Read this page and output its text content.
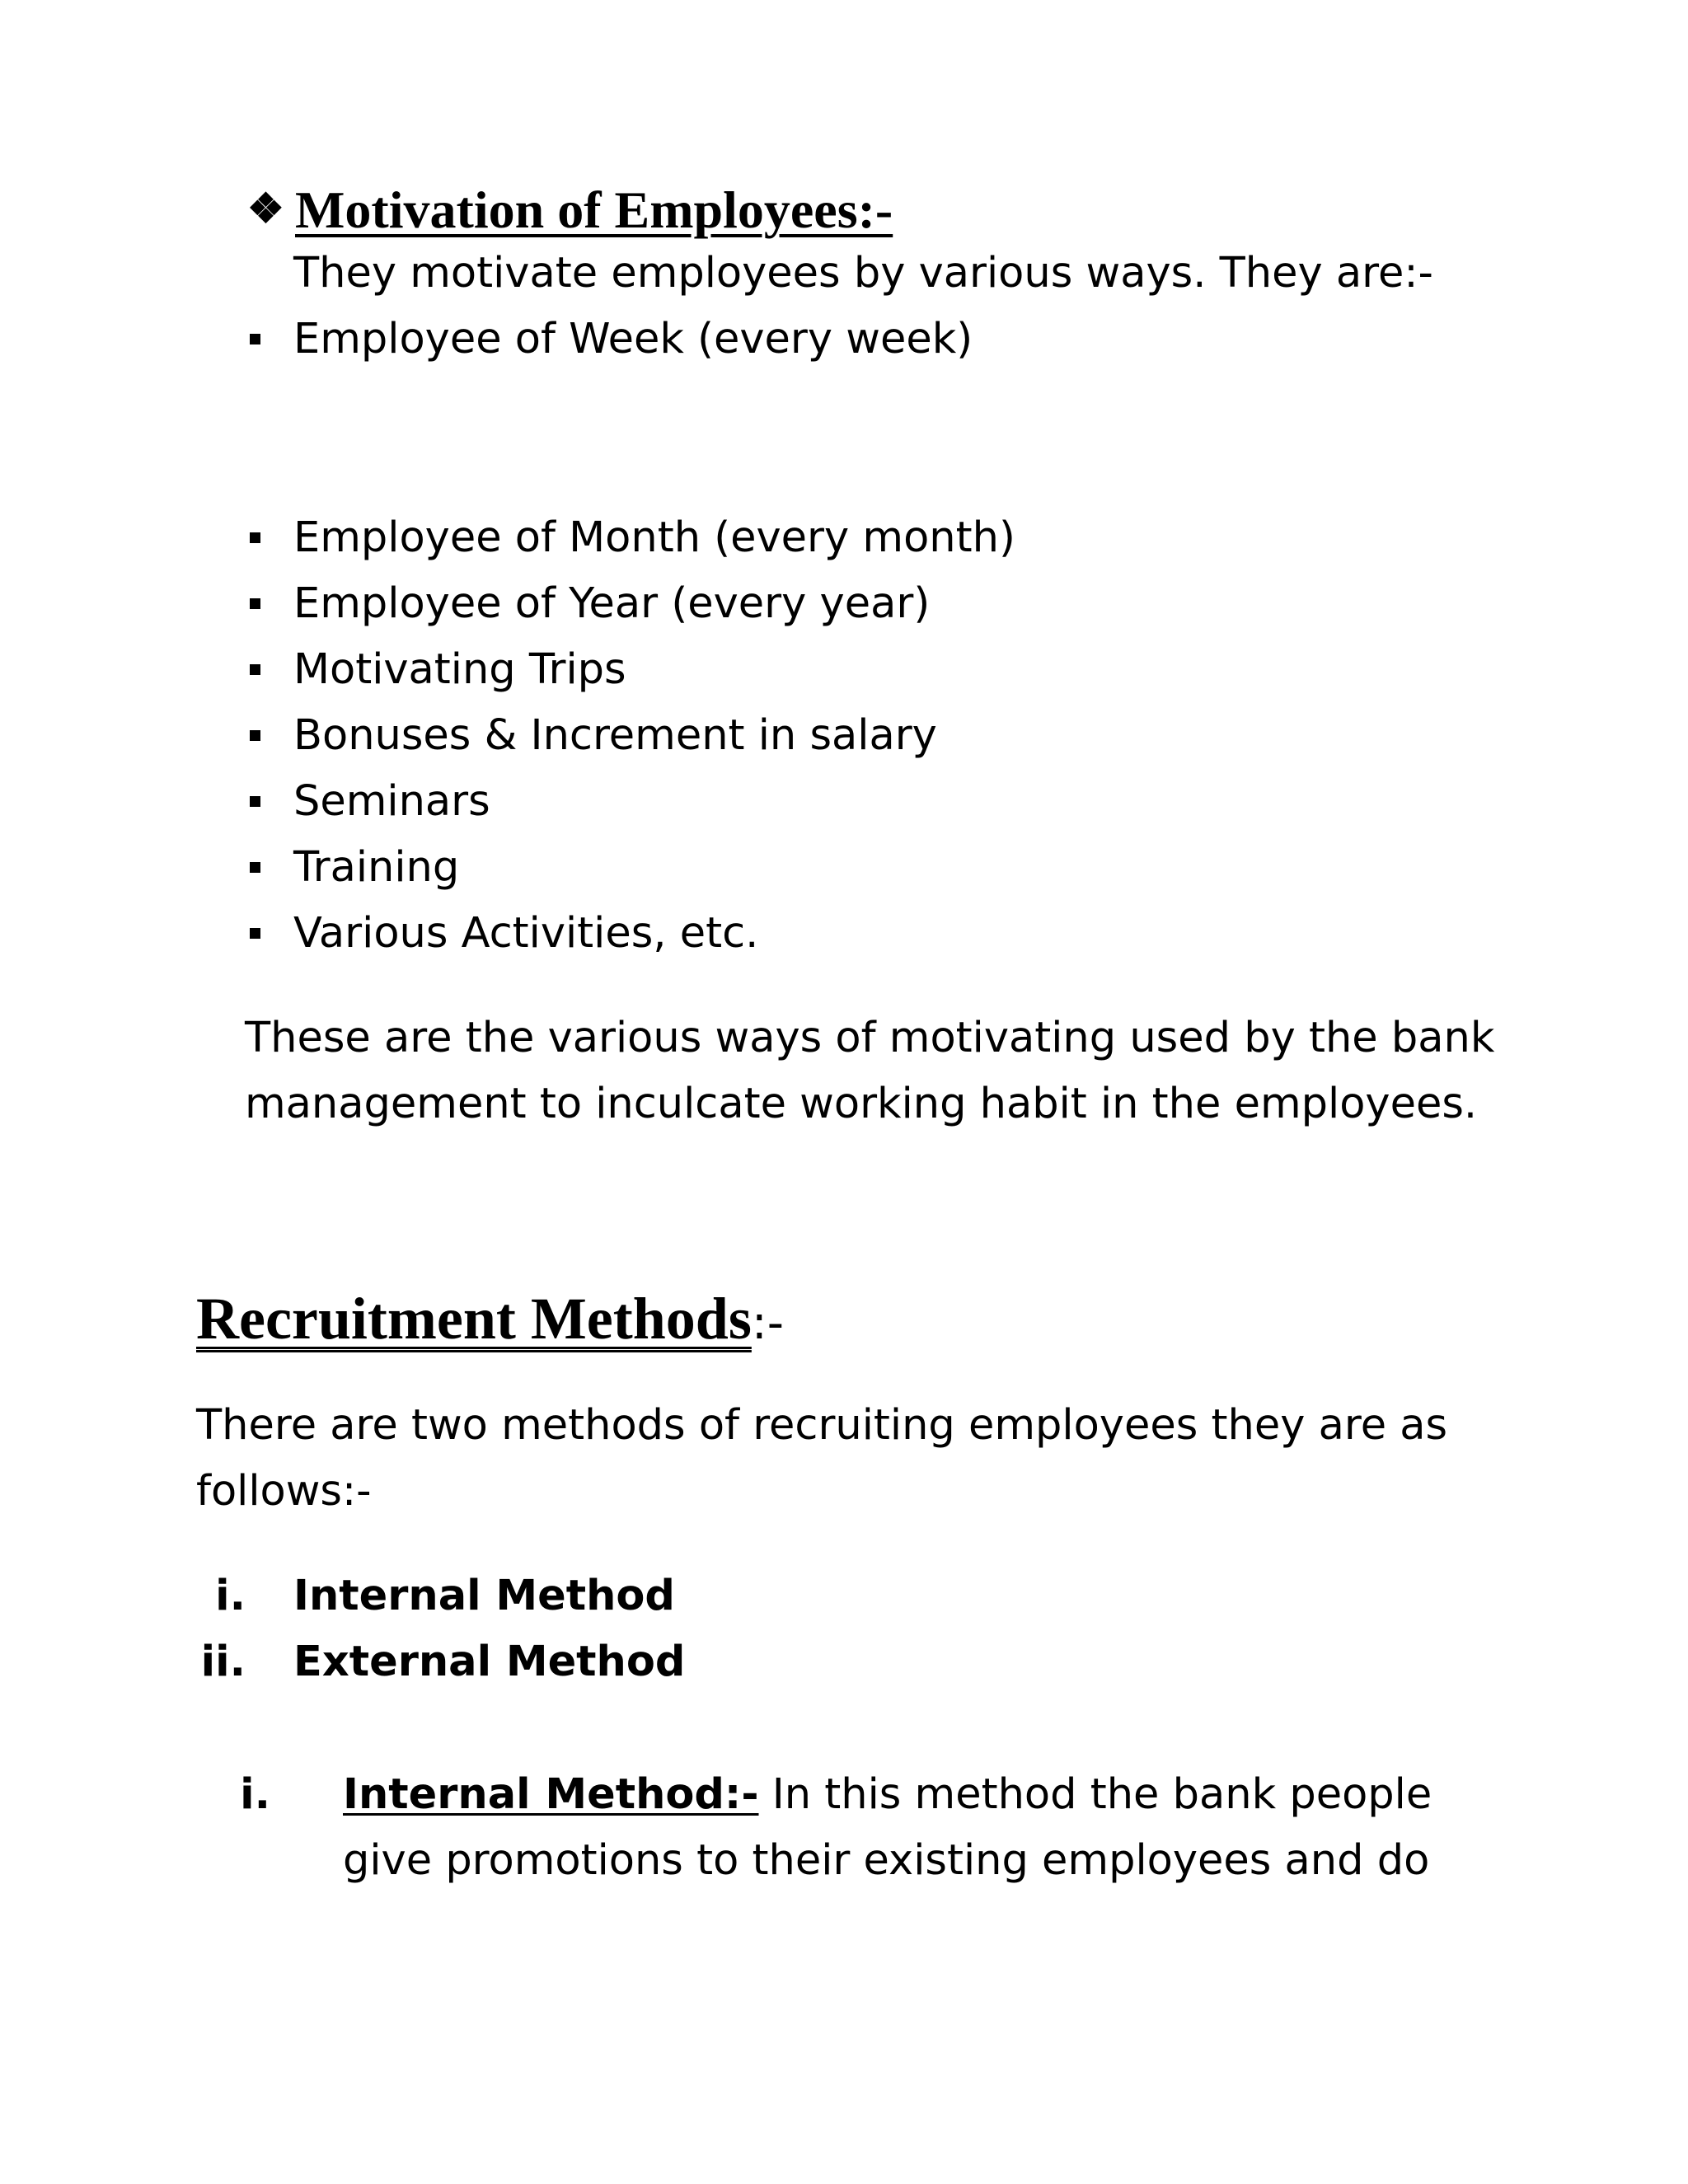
❖ Motivation of Employees:-
They motivate employees by various ways. They are:-
Employee of Week (every week)
Employee of Month (every month)
Employee of Year (every year)
Motivating Trips
Bonuses & Increment in salary
Seminars
Training
Various Activities, etc.
These are the various ways of motivating used by the bank
management to inculcate working habit in the employees.
Recruitment Methods:-
There are two methods of recruiting employees they are as
follows:-
i. Internal Method
ii. External Method
i. Internal Method:- In this method the bank people
give promotions to their existing employees and do
